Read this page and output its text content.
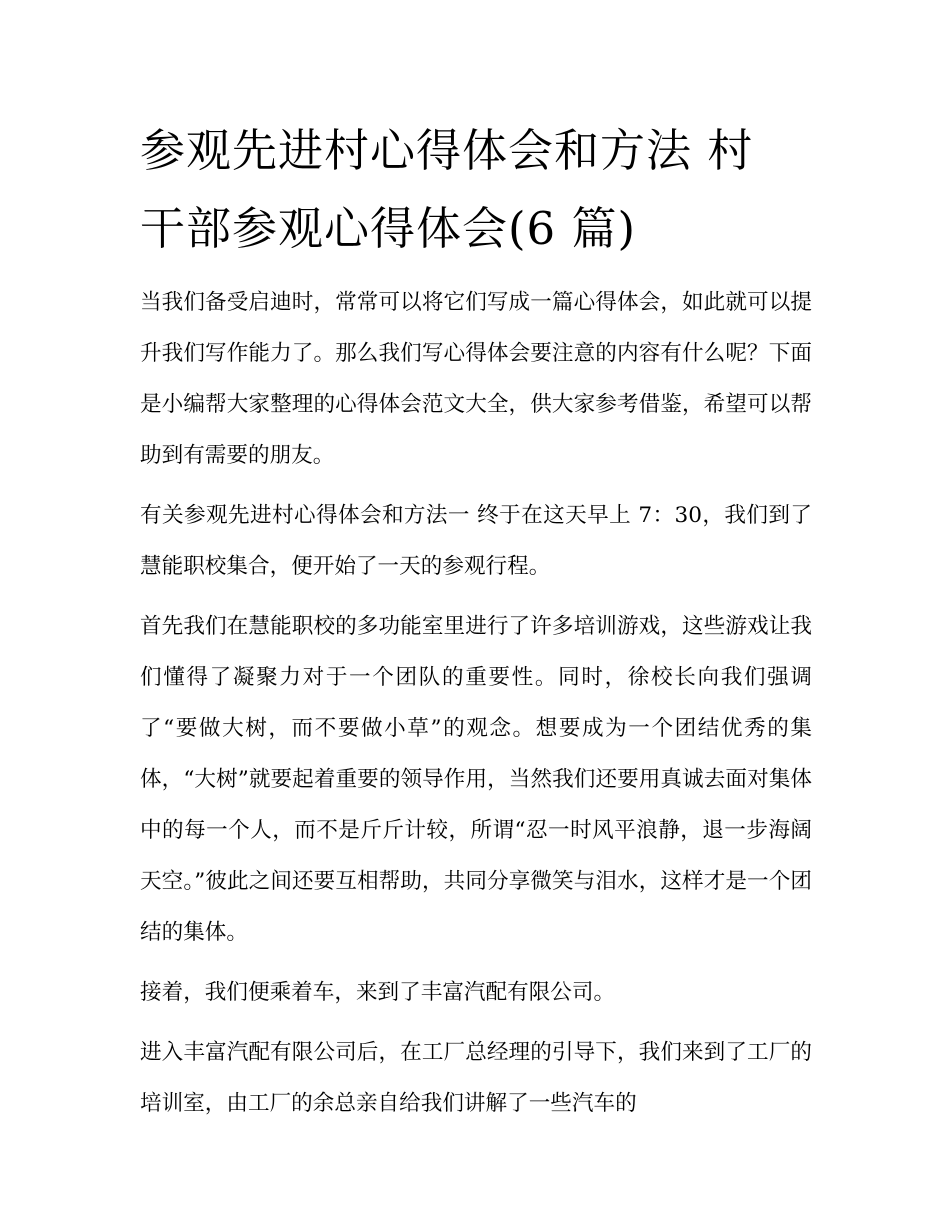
参观先进村心得体会和方法 村
干部参观心得体会(6 篇)

当我们备受启迪时，常常可以将它们写成一篇心得体会，如此就可以提升我们写作能力了。那么我们写心得体会要注意的内容有什么呢？下面是小编帮大家整理的心得体会范文大全，供大家参考借鉴，希望可以帮助到有需要的朋友。

有关参观先进村心得体会和方法一 终于在这天早上 7：30，我们到了慧能职校集合，便开始了一天的参观行程。

首先我们在慧能职校的多功能室里进行了许多培训游戏，这些游戏让我们懂得了凝聚力对于一个团队的重要性。同时，徐校长向我们强调了“要做大树，而不要做小草”的观念。想要成为一个团结优秀的集体，“大树”就要起着重要的领导作用，当然我们还要用真诚去面对集体中的每一个人，而不是斤斤计较，所谓“忍一时风平浪静，退一步海阔天空。”彼此之间还要互相帮助，共同分享微笑与泪水，这样才是一个团结的集体。

接着，我们便乘着车，来到了丰富汽配有限公司。

进入丰富汽配有限公司后，在工厂总经理的引导下，我们来到了工厂的培训室，由工厂的余总亲自给我们讲解了一些汽车的
